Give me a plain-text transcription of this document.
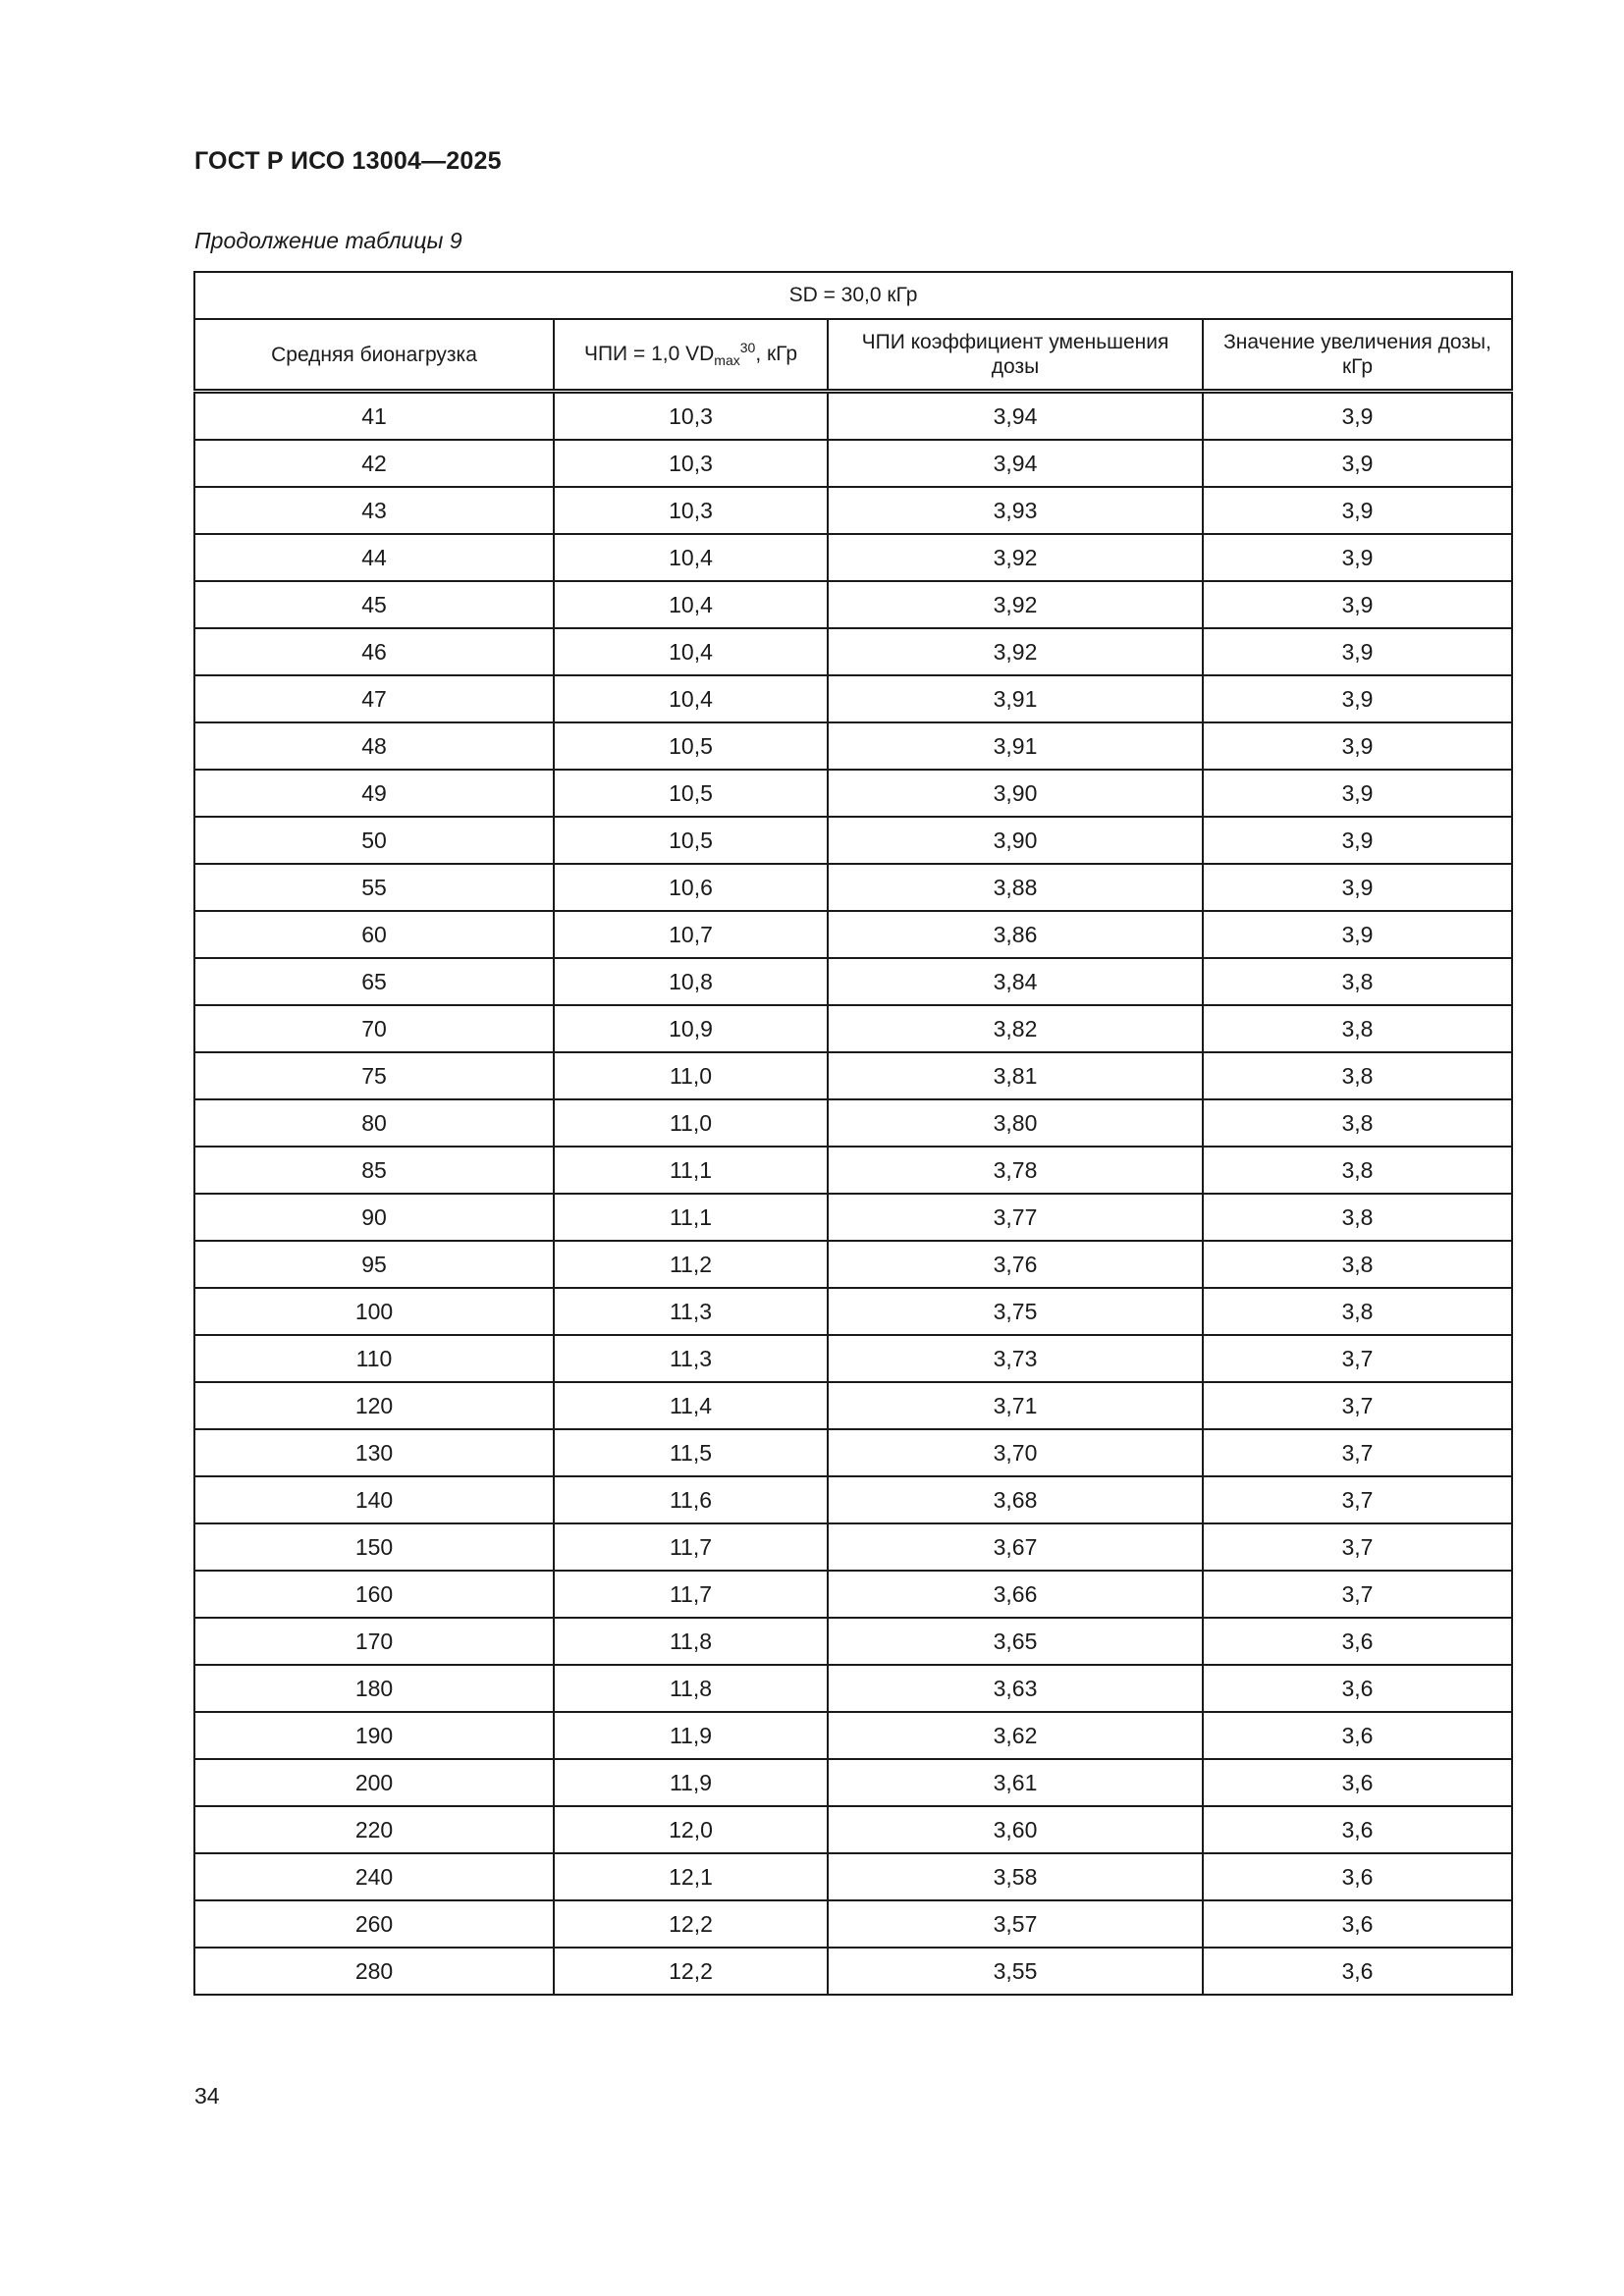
ГОСТ Р ИСО 13004—2025
Продолжение таблицы 9
SD = 30,0 кГр			
Средняя бионагрузка	ЧПИ = 1,0 $VD_{max}^{30}$, кГр	ЧПИ коэффициент уменьшения дозы	Значение увеличения дозы, кГр
41	10,3	3,94	3,9
42	10,3	3,94	3,9
43	10,3	3,93	3,9
44	10,4	3,92	3,9
45	10,4	3,92	3,9
46	10,4	3,92	3,9
47	10,4	3,91	3,9
48	10,5	3,91	3,9
49	10,5	3,90	3,9
50	10,5	3,90	3,9
55	10,6	3,88	3,9
60	10,7	3,86	3,9
65	10,8	3,84	3,8
70	10,9	3,82	3,8
75	11,0	3,81	3,8
80	11,0	3,80	3,8
85	11,1	3,78	3,8
90	11,1	3,77	3,8
95	11,2	3,76	3,8
100	11,3	3,75	3,8
110	11,3	3,73	3,7
120	11,4	3,71	3,7
130	11,5	3,70	3,7
140	11,6	3,68	3,7
150	11,7	3,67	3,7
160	11,7	3,66	3,7
170	11,8	3,65	3,6
180	11,8	3,63	3,6
190	11,9	3,62	3,6
200	11,9	3,61	3,6
220	12,0	3,60	3,6
240	12,1	3,58	3,6
260	12,2	3,57	3,6
280	12,2	3,55	3,6
34
